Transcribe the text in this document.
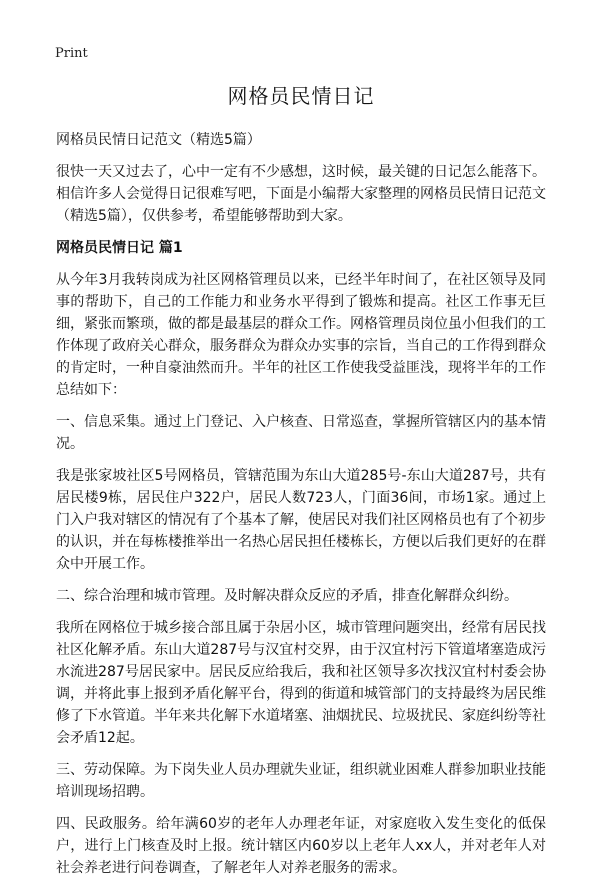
Print
网格员民情日记
网格员民情日记范文（精选5篇）

很快一天又过去了，心中一定有不少感想，这时候，最关键的日记怎么能落下。相信许多人会觉得日记很难写吧，下面是小编帮大家整理的网格员民情日记范文（精选5篇），仅供参考，希望能够帮助到大家。

网格员民情日记 篇1

从今年3月我转岗成为社区网格管理员以来，已经半年时间了，在社区领导及同事的帮助下，自己的工作能力和业务水平得到了锻炼和提高。社区工作事无巨细，紧张而繁琐，做的都是最基层的群众工作。网格管理员岗位虽小但我们的工作体现了政府关心群众，服务群众为群众办实事的宗旨，当自己的工作得到群众的肯定时，一种自豪油然而升。半年的社区工作使我受益匪浅，现将半年的工作总结如下：

一、信息采集。通过上门登记、入户核查、日常巡查，掌握所管辖区内的基本情况。

我是张家坡社区5号网格员，管辖范围为东山大道285号-东山大道287号，共有居民楼9栋，居民住户322户，居民人数723人，门面36间，市场1家。通过上门入户我对辖区的情况有了个基本了解，使居民对我们社区网格员也有了个初步的认识，并在每栋楼推举出一名热心居民担任楼栋长，方便以后我们更好的在群众中开展工作。

二、综合治理和城市管理。及时解决群众反应的矛盾，排查化解群众纠纷。

我所在网格位于城乡接合部且属于杂居小区，城市管理问题突出，经常有居民找社区化解矛盾。东山大道287号与汉宜村交界，由于汉宜村污下管道堵塞造成污水流进287号居民家中。居民反应给我后，我和社区领导多次找汉宜村村委会协调，并将此事上报到矛盾化解平台，得到的街道和城管部门的支持最终为居民维修了下水管道。半年来共化解下水道堵塞、油烟扰民、垃圾扰民、家庭纠纷等社会矛盾12起。

三、劳动保障。为下岗失业人员办理就失业证，组织就业困难人群参加职业技能培训现场招聘。

四、民政服务。给年满60岁的老年人办理老年证，对家庭收入发生变化的低保户，进行上门核查及时上报。统计辖区内60岁以上老年人xx人，并对老年人对社会养老进行问卷调查，了解老年人对养老服务的需求。
